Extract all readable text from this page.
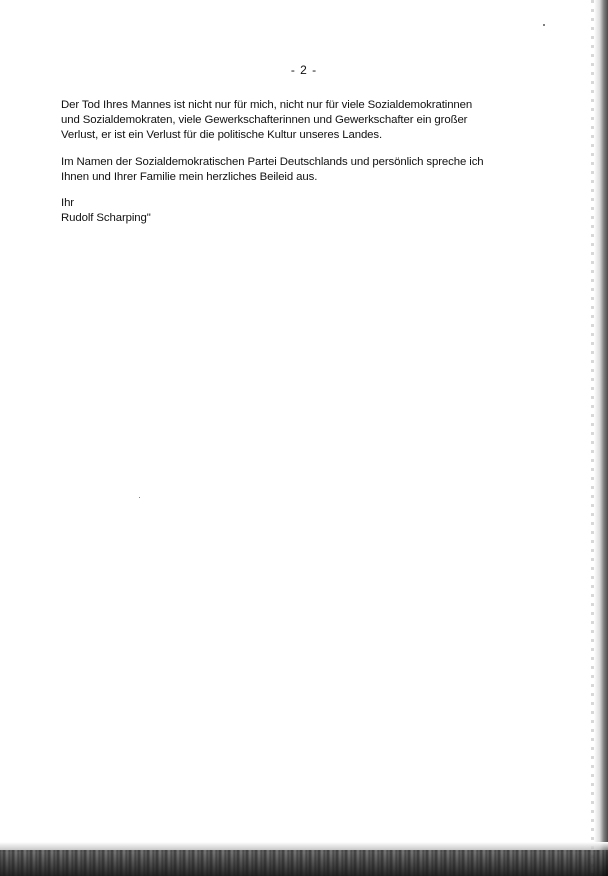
- 2 -
Der Tod Ihres Mannes ist nicht nur für mich, nicht nur für viele Sozialdemokratinnen
und Sozialdemokraten, viele Gewerkschafterinnen und Gewerkschafter ein großer
Verlust, er ist ein Verlust für die politische Kultur unseres Landes.
Im Namen der Sozialdemokratischen Partei Deutschlands und persönlich spreche ich
Ihnen und Ihrer Familie mein herzliches Beileid aus.
Ihr
Rudolf Scharping"
